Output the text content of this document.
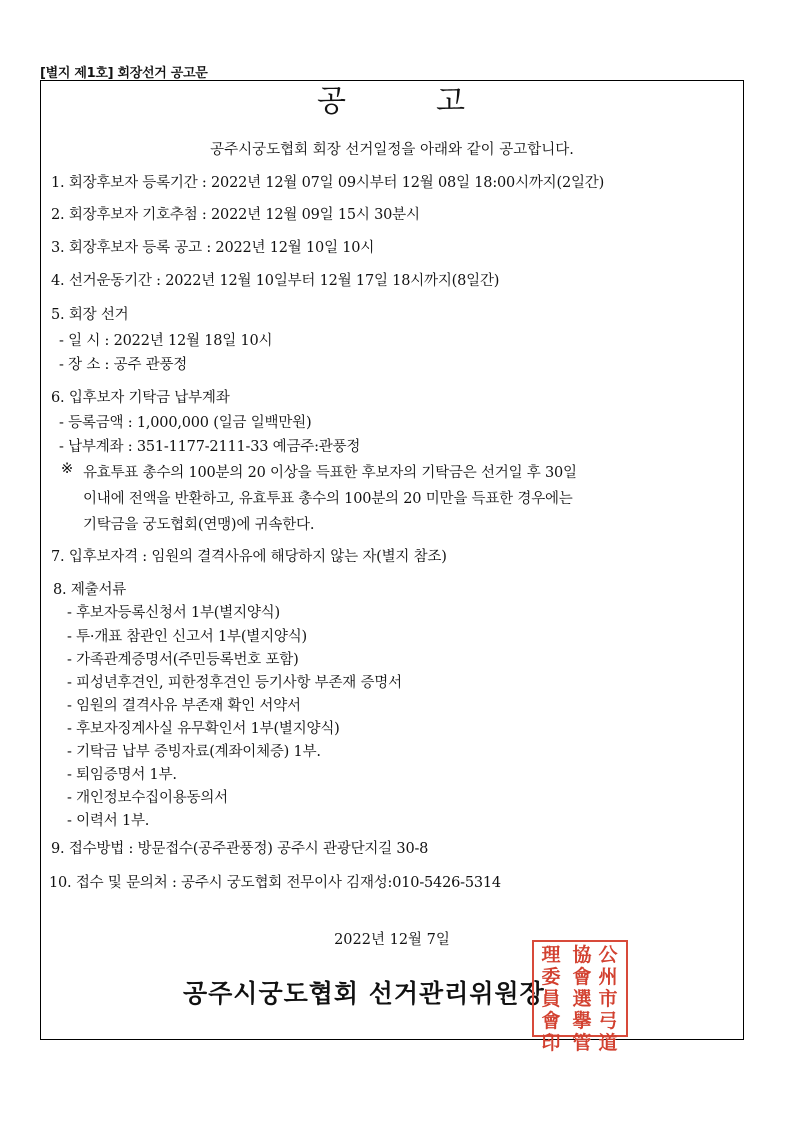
[별지 제1호] 회장선거 공고문
공	고
공주시궁도협회 회장 선거일정을 아래와 같이 공고합니다.
1. 회장후보자 등록기간 : 2022년 12월 07일 09시부터 12월 08일 18:00시까지(2일간)
2. 회장후보자 기호추첨 : 2022년 12월 09일 15시 30분시
3. 회장후보자 등록 공고 : 2022년 12월 10일 10시
4. 선거운동기간 : 2022년 12월 10일부터 12월 17일 18시까지(8일간)
5. 회장 선거
- 일 시 : 2022년 12월 18일 10시
- 장 소 : 공주 관풍정
6. 입후보자 기탁금 납부계좌
- 등록금액 : 1,000,000 (일금 일백만원)
- 납부계좌 : 351-1177-2111-33 예금주:관풍정
※ 유효투표 총수의 100분의 20 이상을 득표한 후보자의 기탁금은 선거일 후 30일
이내에 전액을 반환하고, 유효투표 총수의 100분의 20 미만을 득표한 경우에는
기탁금을 궁도협회(연맹)에 귀속한다.
7. 입후보자격 : 임원의 결격사유에 해당하지 않는 자(별지 참조)
8. 제출서류
- 후보자등록신청서 1부(별지양식)
- 투·개표 참관인 신고서 1부(별지양식)
- 가족관계증명서(주민등록번호 포함)
- 피성년후견인, 피한정후견인 등기사항 부존재 증명서
- 임원의 결격사유 부존재 확인 서약서
- 후보자징계사실 유무확인서 1부(별지양식)
- 기탁금 납부 증빙자료(계좌이체증) 1부.
- 퇴임증명서 1부.
- 개인정보수집이용동의서
- 이력서 1부.
9. 접수방법 : 방문접수(공주관풍정) 공주시 관광단지길 30-8
10. 접수 및 문의처 : 공주시 궁도협회 전무이사 김재성:010-5426-5314
2022년 12월 7일
공주시궁도협회 선거관리위원장
公
州
市
弓
道
協
會
選
擧
管
理
委
員
會
印
